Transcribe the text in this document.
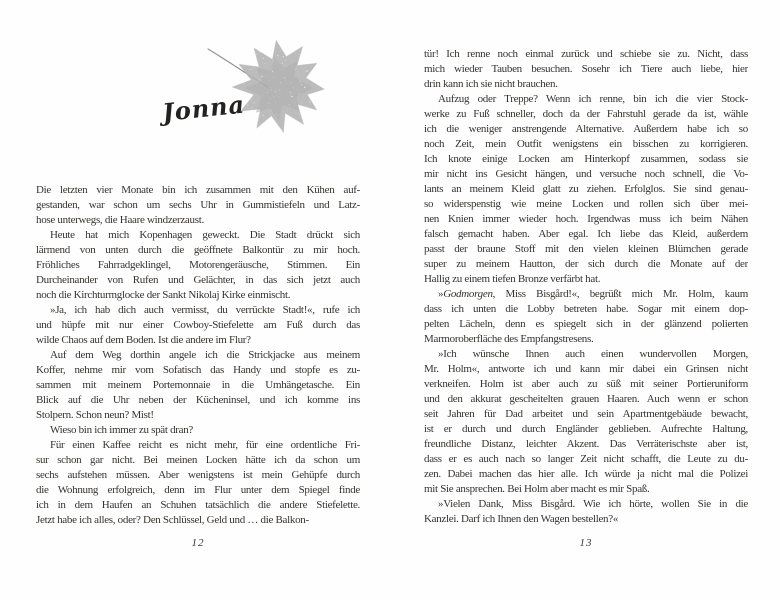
Jonna
Die letzten vier Monate bin ich zusammen mit den Kühen auf-
gestanden, war schon um sechs Uhr in Gummistiefeln und Latz-
hose unterwegs, die Haare windzerzaust.
Heute hat mich Kopenhagen geweckt. Die Stadt drückt sich
lärmend von unten durch die geöffnete Balkontür zu mir hoch.
Fröhliches Fahrradgeklingel, Motorengeräusche, Stimmen. Ein
Durcheinander von Rufen und Gelächter, in das sich jetzt auch
noch die Kirchturmglocke der Sankt Nikolaj Kirke einmischt.
»Ja, ich hab dich auch vermisst, du verrückte Stadt!«, rufe ich
und hüpfe mit nur einer Cowboy-Stiefelette am Fuß durch das
wilde Chaos auf dem Boden. Ist die andere im Flur?
Auf dem Weg dorthin angele ich die Strickjacke aus meinem
Koffer, nehme mir vom Sofatisch das Handy und stopfe es zu-
sammen mit meinem Portemonnaie in die Umhängetasche. Ein
Blick auf die Uhr neben der Kücheninsel, und ich komme ins
Stolpern. Schon neun? Mist!
Wieso bin ich immer zu spät dran?
Für einen Kaffee reicht es nicht mehr, für eine ordentliche Fri-
sur schon gar nicht. Bei meinen Locken hätte ich da schon um
sechs aufstehen müssen. Aber wenigstens ist mein Gehüpfe durch
die Wohnung erfolgreich, denn im Flur unter dem Spiegel finde
ich in dem Haufen an Schuhen tatsächlich die andere Stiefelette.
Jetzt habe ich alles, oder? Den Schlüssel, Geld und … die Balkon-
12
tür! Ich renne noch einmal zurück und schiebe sie zu. Nicht, dass
mich wieder Tauben besuchen. Sosehr ich Tiere auch liebe, hier
drin kann ich sie nicht brauchen.
Aufzug oder Treppe? Wenn ich renne, bin ich die vier Stock-
werke zu Fuß schneller, doch da der Fahrstuhl gerade da ist, wähle
ich die weniger anstrengende Alternative. Außerdem habe ich so
noch Zeit, mein Outfit wenigstens ein bisschen zu korrigieren.
Ich knote einige Locken am Hinterkopf zusammen, sodass sie
mir nicht ins Gesicht hängen, und versuche noch schnell, die Vo-
lants an meinem Kleid glatt zu ziehen. Erfolglos. Sie sind genau-
so widerspenstig wie meine Locken und rollen sich über mei-
nen Knien immer wieder hoch. Irgendwas muss ich beim Nähen
falsch gemacht haben. Aber egal. Ich liebe das Kleid, außerdem
passt der braune Stoff mit den vielen kleinen Blümchen gerade
super zu meinem Hautton, der sich durch die Monate auf der
Hallig zu einem tiefen Bronze verfärbt hat.
»Godmorgen, Miss Bisgård!«, begrüßt mich Mr. Holm, kaum
dass ich unten die Lobby betreten habe. Sogar mit einem dop-
pelten Lächeln, denn es spiegelt sich in der glänzend polierten
Marmoroberfläche des Empfangstresens.
»Ich wünsche Ihnen auch einen wundervollen Morgen,
Mr. Holm«, antworte ich und kann mir dabei ein Grinsen nicht
verkneifen. Holm ist aber auch zu süß mit seiner Portieruniform
und den akkurat gescheitelten grauen Haaren. Auch wenn er schon
seit Jahren für Dad arbeitet und sein Apartmentgebäude bewacht,
ist er durch und durch Engländer geblieben. Aufrechte Haltung,
freundliche Distanz, leichter Akzent. Das Verräterischste aber ist,
dass er es auch nach so langer Zeit nicht schafft, die Leute zu du-
zen. Dabei machen das hier alle. Ich würde ja nicht mal die Polizei
mit Sie ansprechen. Bei Holm aber macht es mir Spaß.
»Vielen Dank, Miss Bisgård. Wie ich hörte, wollen Sie in die
Kanzlei. Darf ich Ihnen den Wagen bestellen?«
13
